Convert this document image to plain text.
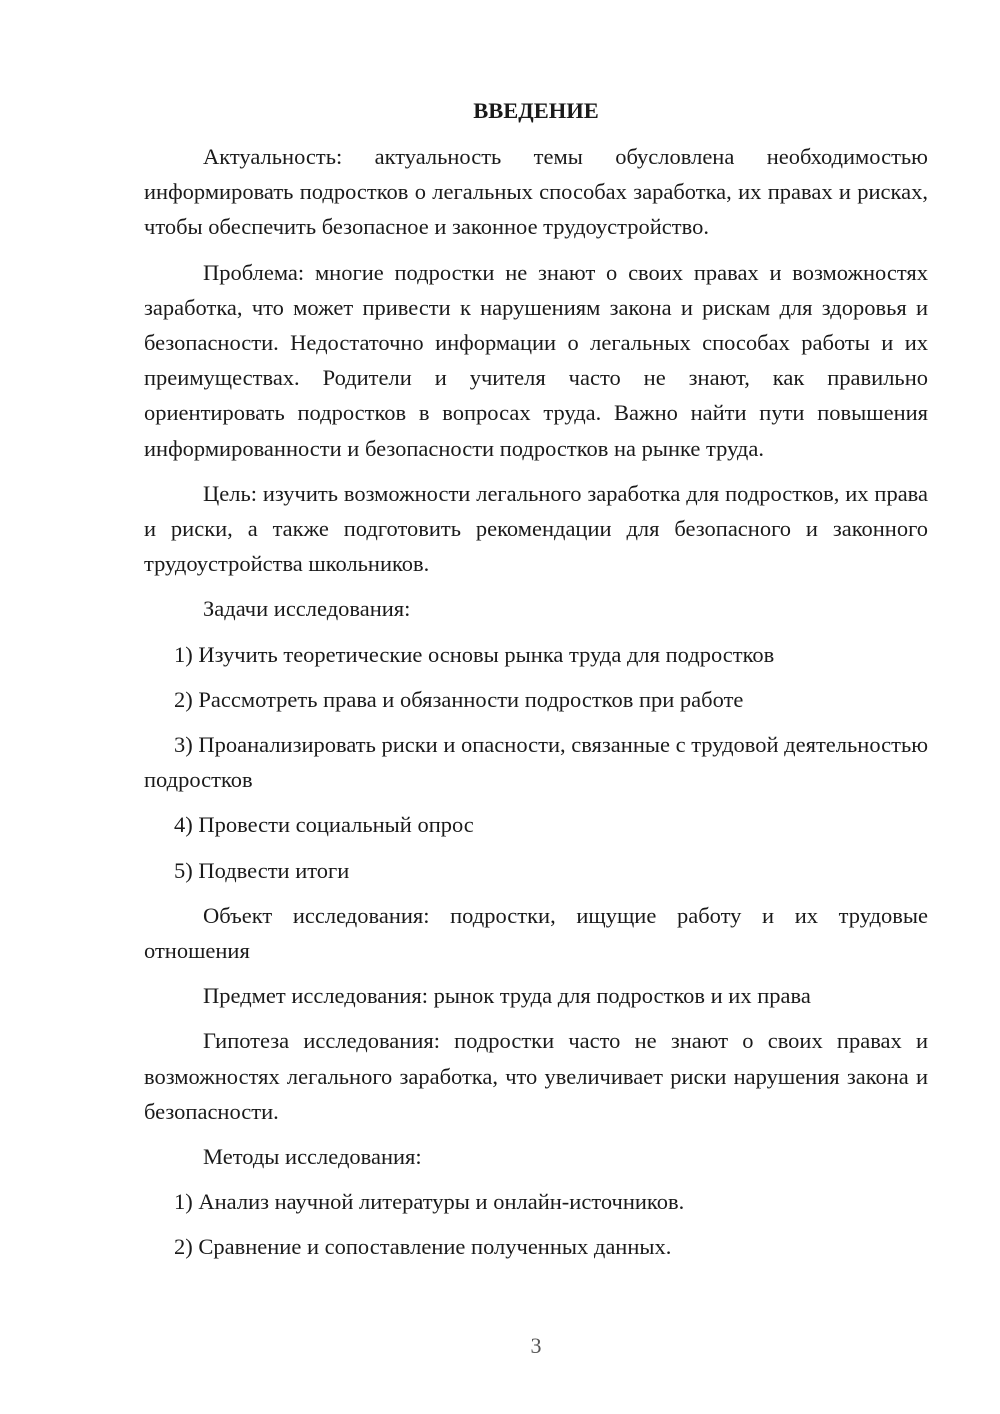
ВВЕДЕНИЕ

Актуальность: актуальность темы обусловлена необходимостью информировать подростков о легальных способах заработка, их правах и рисках, чтобы обеспечить безопасное и законное трудоустройство.

Проблема: многие подростки не знают о своих правах и возможностях заработка, что может привести к нарушениям закона и рискам для здоровья и безопасности. Недостаточно информации о легальных способах работы и их преимуществах. Родители и учителя часто не знают, как правильно ориентировать подростков в вопросах труда. Важно найти пути повышения информированности и безопасности подростков на рынке труда.

Цель: изучить возможности легального заработка для подростков, их права и риски, а также подготовить рекомендации для безопасного и законного трудоустройства школьников.

Задачи исследования:

1) Изучить теоретические основы рынка труда для подростков

2) Рассмотреть права и обязанности подростков при работе

3) Проанализировать риски и опасности, связанные с трудовой деятельностью подростков

4) Провести социальный опрос

5) Подвести итоги

Объект исследования: подростки, ищущие работу и их трудовые отношения

Предмет исследования: рынок труда для подростков и их права

Гипотеза исследования: подростки часто не знают о своих правах и возможностях легального заработка, что увеличивает риски нарушения закона и безопасности.

Методы исследования:

1) Анализ научной литературы и онлайн-источников.

2) Сравнение и сопоставление полученных данных.

3
